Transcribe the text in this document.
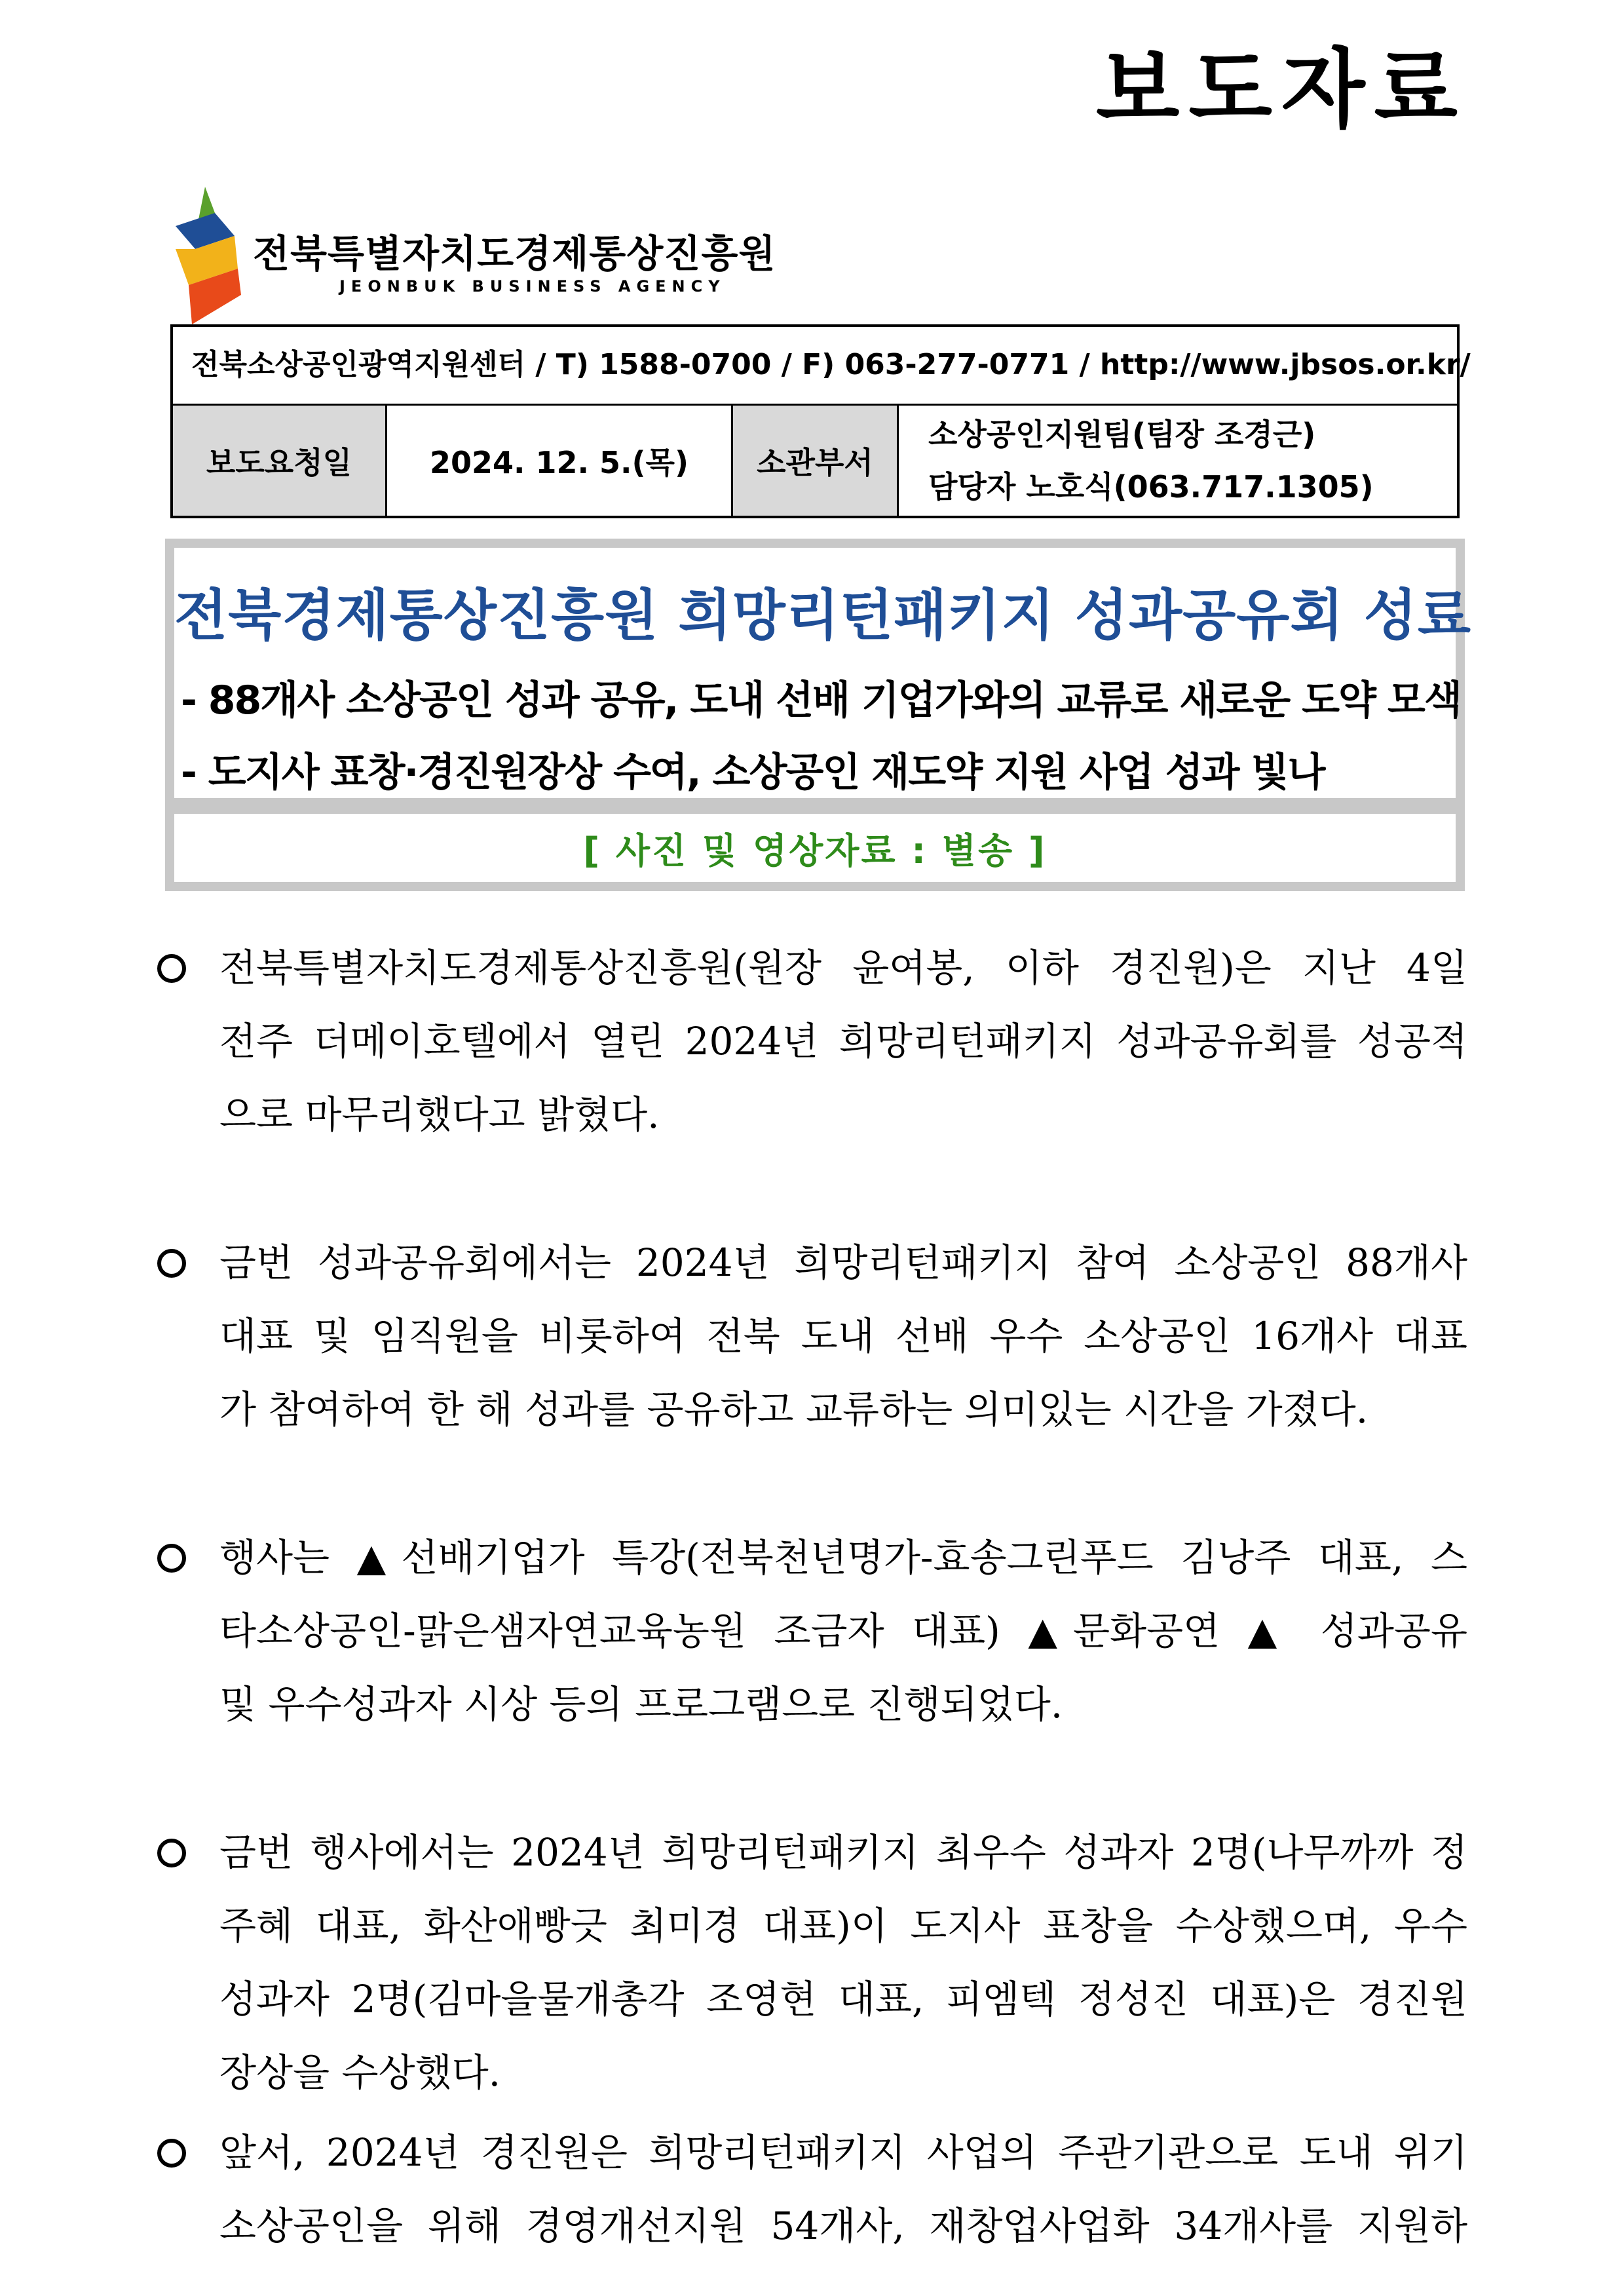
보도자료
전북특별자치도경제통상진흥원
JEONBUK BUSINESS AGENCY
전북소상공인광역지원센터 / T) 1588-0700 / F) 063-277-0771 / http://www.jbsos.or.kr/
보도요청일	2024. 12. 5.(목)	소관부서
소상공인지원팀(팀장 조경근)
담당자 노호식(063.717.1305)
전북경제통상진흥원 희망리턴패키지 성과공유회 성료
- 88개사 소상공인 성과 공유, 도내 선배 기업가와의 교류로 새로운 도약 모색
- 도지사 표창·경진원장상 수여, 소상공인 재도약 지원 사업 성과 빛나
[ 사진 및 영상자료 : 별송 ]
전북특별자치도경제통상진흥원(원장 윤여봉, 이하 경진원)은 지난 4일
전주 더메이호텔에서 열린 2024년 희망리턴패키지 성과공유회를 성공적
으로 마무리했다고 밝혔다.
금번 성과공유회에서는 2024년 희망리턴패키지 참여 소상공인 88개사
대표 및 임직원을 비롯하여 전북 도내 선배 우수 소상공인 16개사 대표
가 참여하여 한 해 성과를 공유하고 교류하는 의미있는 시간을 가졌다.
행사는 ▲선배기업가 특강(전북천년명가-효송그린푸드 김낭주 대표, 스
타소상공인-맑은샘자연교육농원 조금자 대표) ▲문화공연 ▲ 성과공유
및 우수성과자 시상 등의 프로그램으로 진행되었다.
금번 행사에서는 2024년 희망리턴패키지 최우수 성과자 2명(나무까까 정
주혜 대표, 화산애빵긋 최미경 대표)이 도지사 표창을 수상했으며, 우수
성과자 2명(김마을물개총각 조영현 대표, 피엠텍 정성진 대표)은 경진원
장상을 수상했다.
앞서, 2024년 경진원은 희망리턴패키지 사업의 주관기관으로 도내 위기
소상공인을 위해 경영개선지원 54개사, 재창업사업화 34개사를 지원하
